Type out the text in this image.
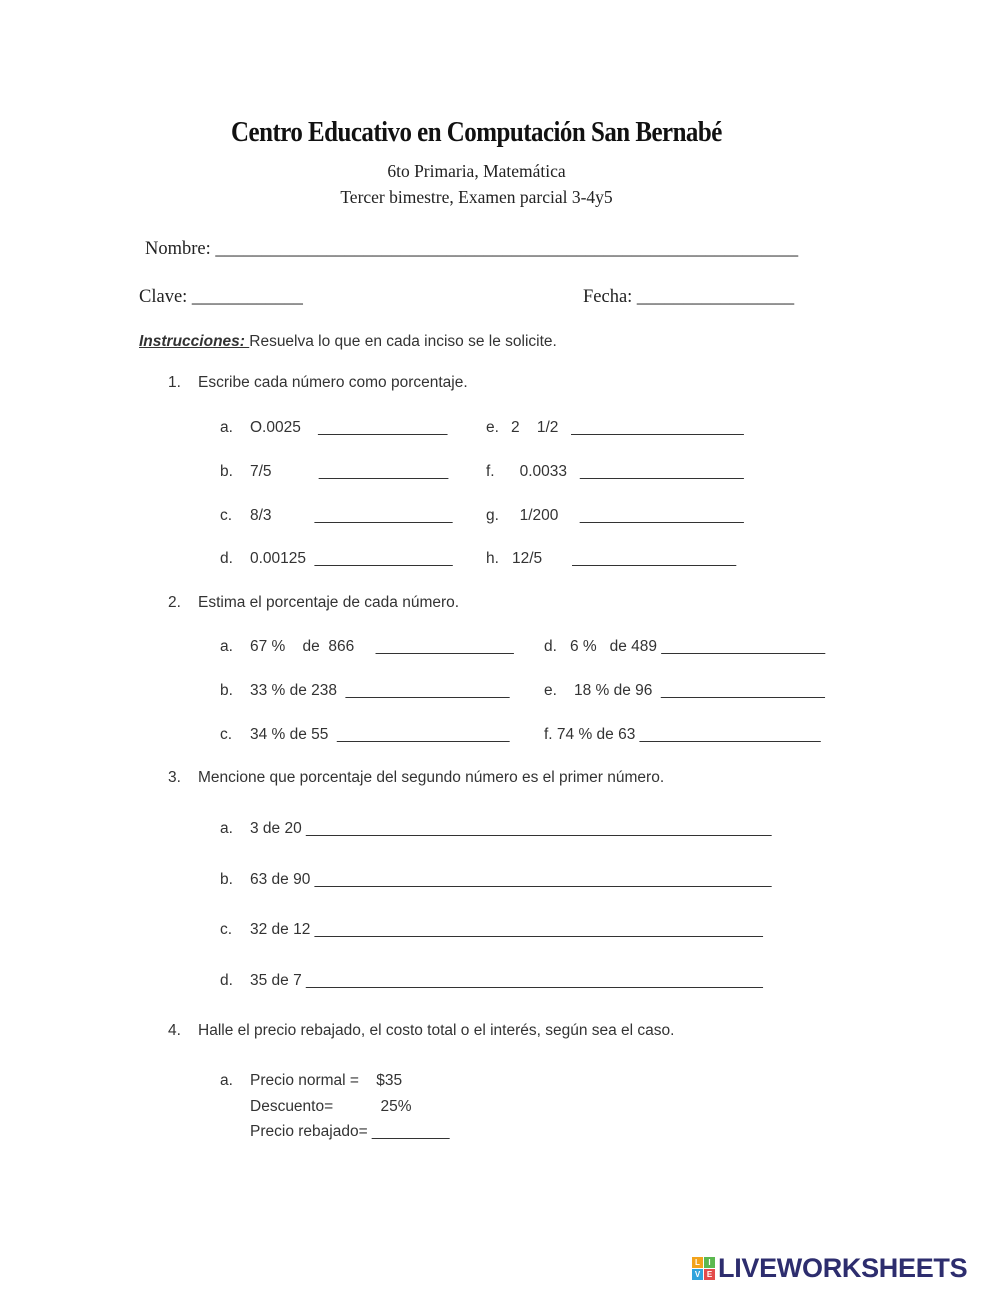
Centro Educativo en Computación San Bernabé
6to Primaria, Matemática
Tercer bimestre, Examen parcial 3-4y5
Nombre: _______________________________________________________________
Clave: ____________	Fecha: _________________
Instrucciones: Resuelva lo que en cada inciso se le solicite.
1. Escribe cada número como porcentaje.
a. O.0025    _______________
b. 7/5           _______________
c. 8/3          ________________
d. 0.00125  ________________
e. 2    1/2   ____________________
f. 0.0033   ___________________
g. 1/200     ___________________
h. 12/5       ___________________
2. Estima el porcentaje de cada número.
a. 67 %    de  866     ________________
b. 33 % de 238  ___________________
c. 34 % de 55  ____________________
d. 6 %   de 489 ___________________
e. 18 % de 96  ___________________
f. 74 % de 63 _____________________
3. Mencione que porcentaje del segundo número es el primer número.
a. 3 de 20 ______________________________________________________
b. 63 de 90 _____________________________________________________
c. 32 de 12 ____________________________________________________
d. 35 de 7 _____________________________________________________
4. Halle el precio rebajado, el costo total o el interés, según sea el caso.
a. Precio normal =    $35
Descuento=           25%
Precio rebajado= _________
L	I
V E LIVEWORKSHEETS
